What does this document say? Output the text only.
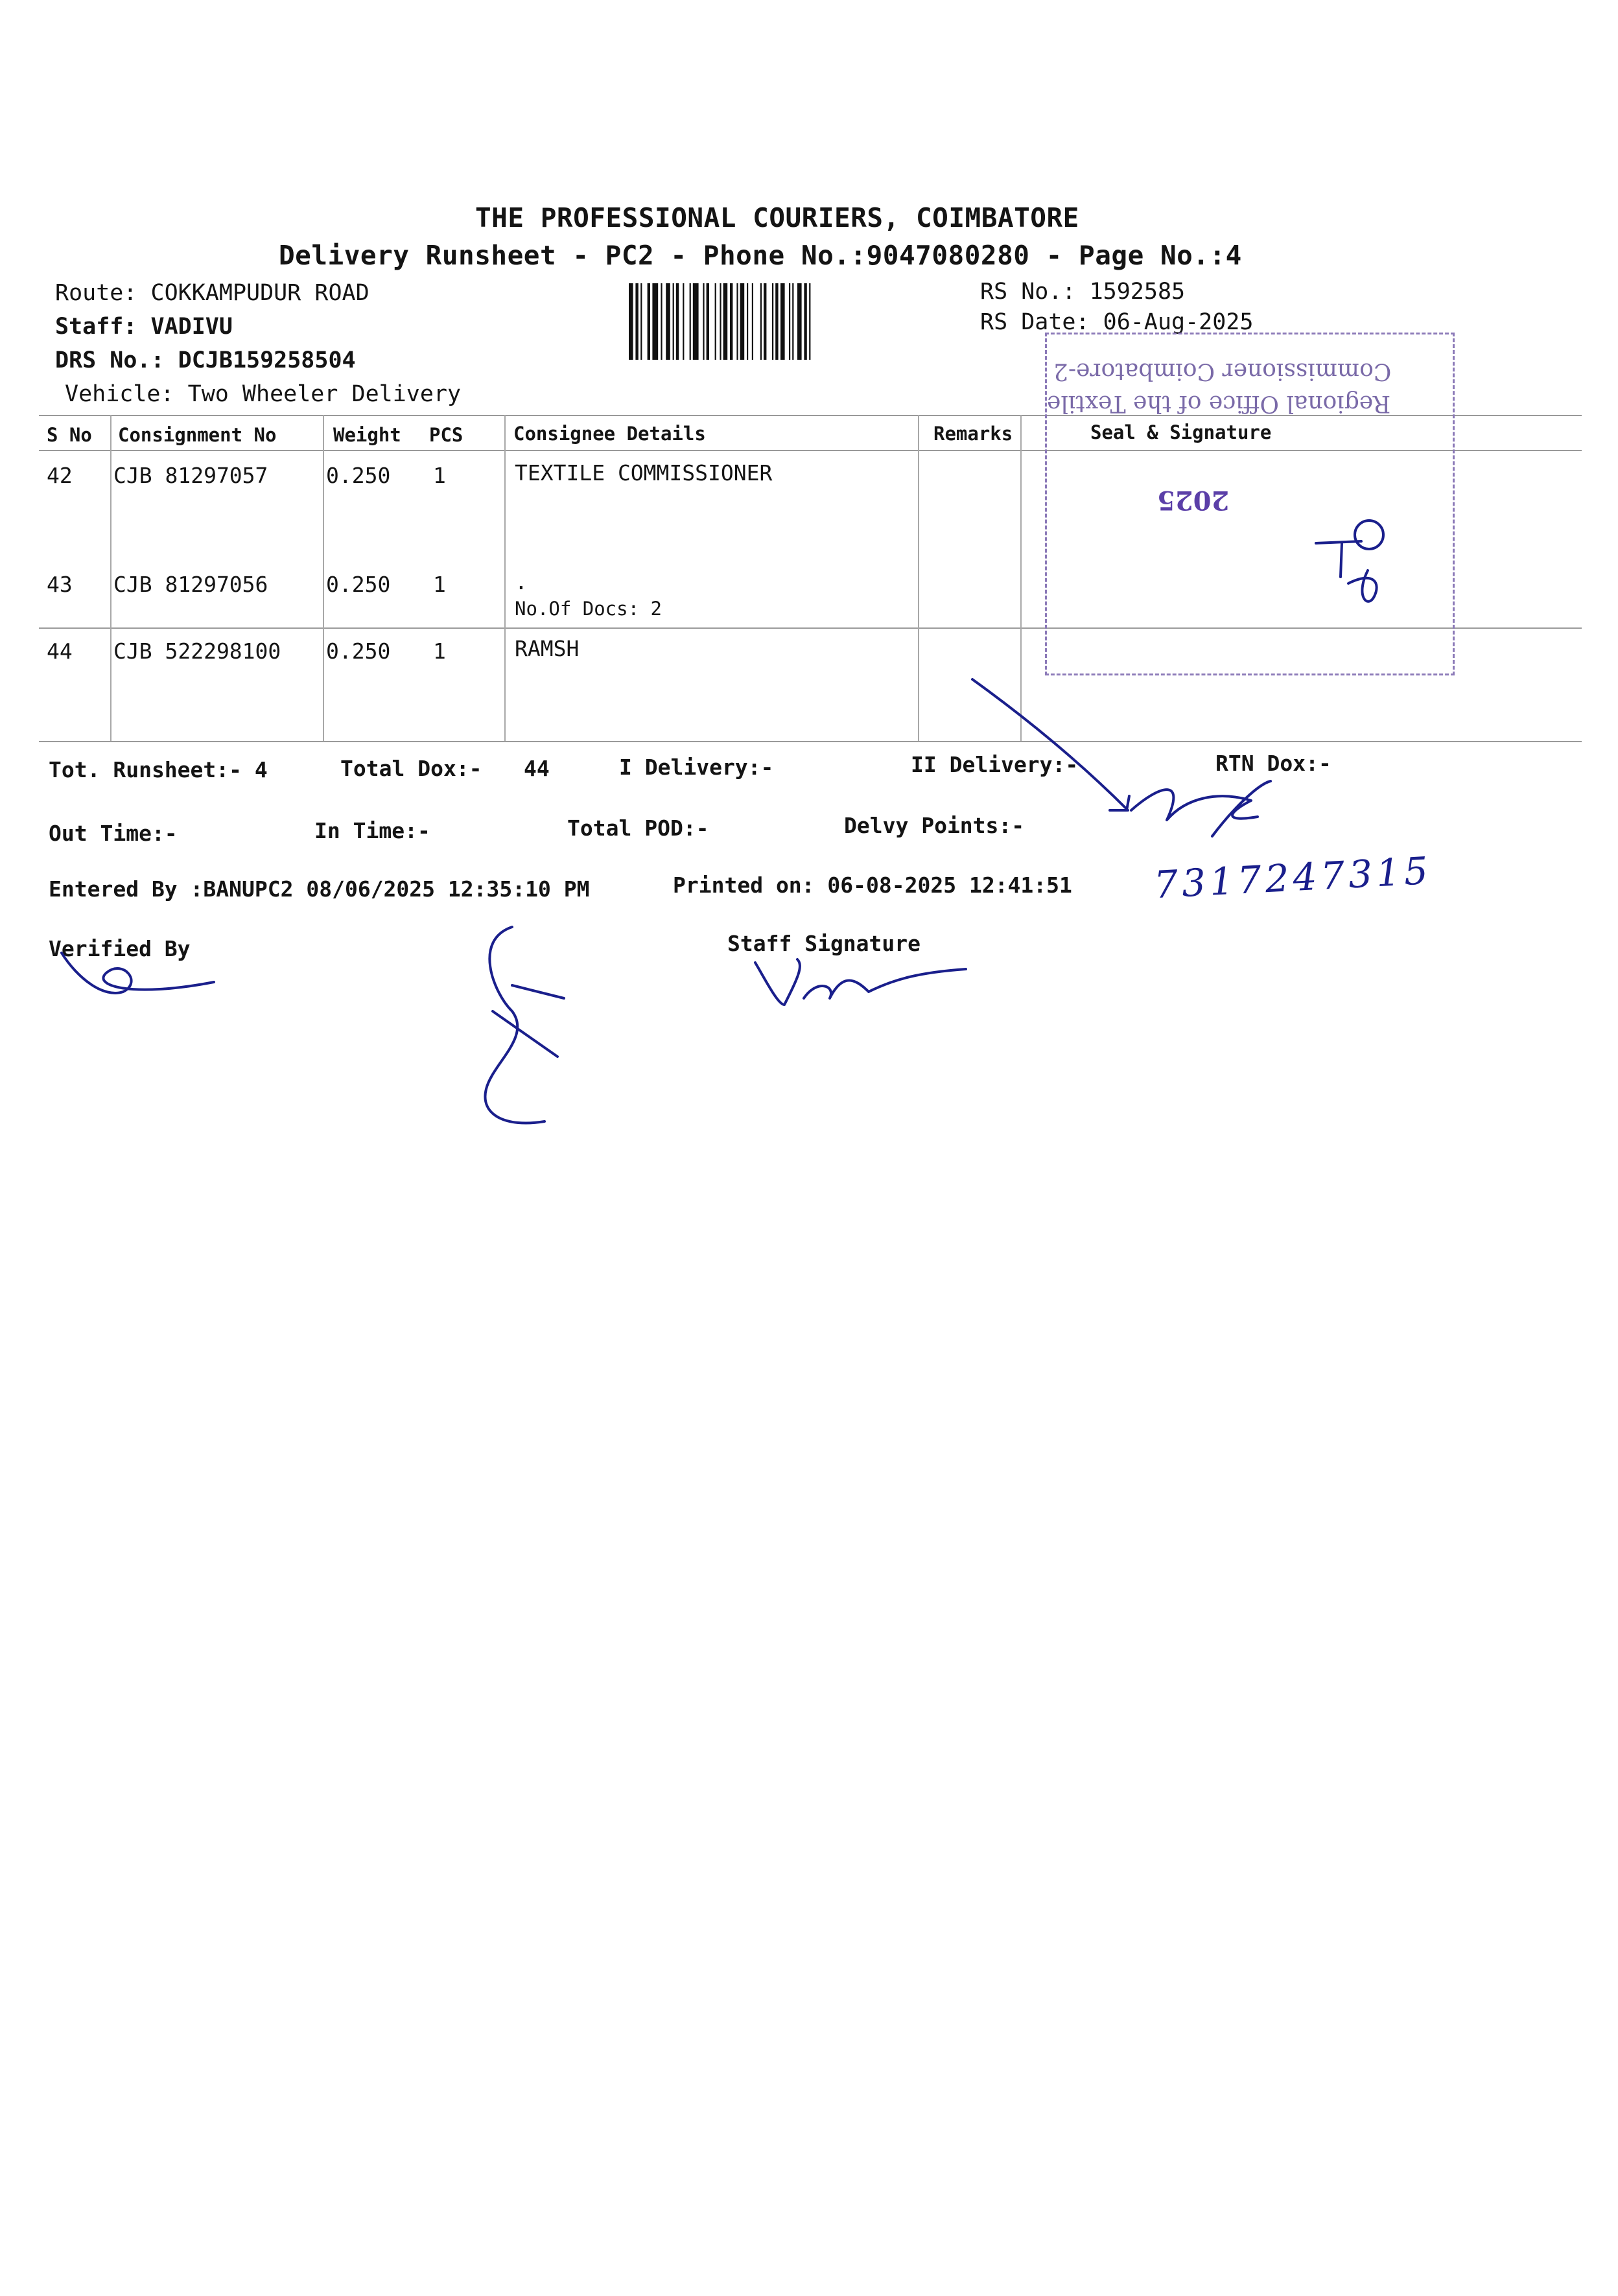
THE PROFESSIONAL COURIERS, COIMBATORE
Delivery Runsheet - PC2 - Phone No.:9047080280 - Page No.:4
Route: COKKAMPUDUR ROAD
Staff: VADIVU
DRS No.: DCJB159258504
Vehicle: Two Wheeler Delivery
RS No.: 1592585
RS Date: 06-Aug-2025
S No Consignment No	Weight PCS	Consignee Details	Remarks	Seal & Signature
42 CJB 81297057	0.250 1	TEXTILE COMMISSIONER
43 CJB 81297056	0.250 1	.
No.Of Docs: 2
44 CJB 522298100 0.250 1	RAMSH
Commissioner Coimbatore-2
Regional Office of the Textile
2025
Tot. Runsheet:- 4	Total Dox:- 44	I Delivery:-	II Delivery:-	RTN Dox:-
Out Time:-	In Time:-	Total POD:-	Delvy Points:-
Entered By :BANUPC2 08/06/2025 12:35:10 PM	Printed on: 06-08-2025 12:41:51
Verified By	Staff Signature
7317247315
